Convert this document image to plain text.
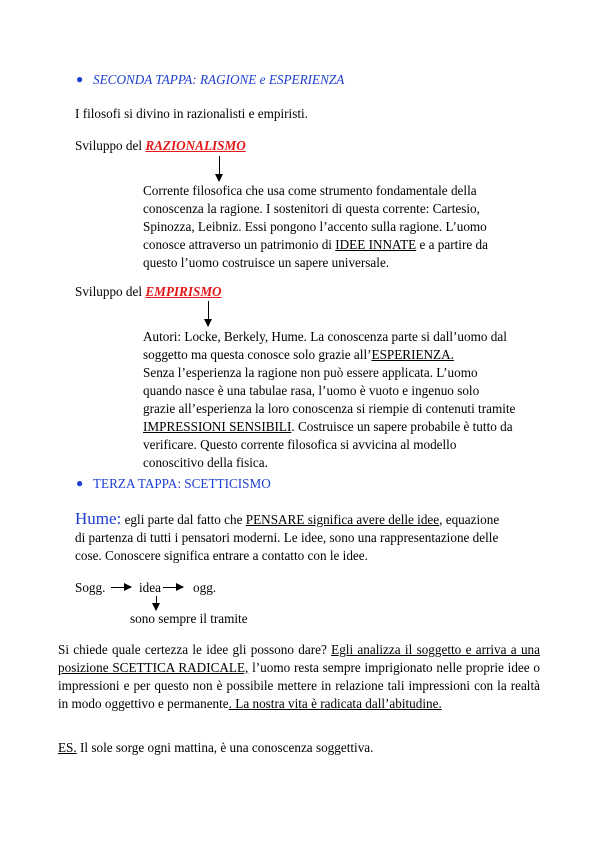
● SECONDA TAPPA: RAGIONE e ESPERIENZA
I filosofi si divino in razionalisti e empiristi.
Sviluppo del RAZIONALISMO
Corrente filosofica che usa come strumento fondamentale della
conoscenza la ragione. I sostenitori di questa corrente: Cartesio,
Spinozza, Leibniz. Essi pongono l’accento sulla ragione. L’uomo
conosce attraverso un patrimonio di IDEE INNATE e a partire da
questo l’uomo costruisce un sapere universale.
Sviluppo del EMPIRISMO
Autori: Locke, Berkely, Hume. La conoscenza parte si dall’uomo dal
soggetto ma questa conosce solo grazie all’ESPERIENZA.
Senza l’esperienza la ragione non può essere applicata. L’uomo
quando nasce è una tabulae rasa, l’uomo è vuoto e ingenuo solo
grazie all’esperienza la loro conoscenza si riempie di contenuti tramite
IMPRESSIONI SENSIBILI. Costruisce un sapere probabile è tutto da
verificare. Questo corrente filosofica si avvicina al modello
conoscitivo della fisica.
● TERZA TAPPA: SCETTICISMO
Hume: egli parte dal fatto che PENSARE significa avere delle idee, equazione
di partenza di tutti i pensatori moderni. Le idee, sono una rappresentazione delle
cose. Conoscere significa entrare a contatto con le idee.
Sogg.	idea ogg.
sono sempre il tramite
Si chiede quale certezza le idee gli possono dare? Egli analizza il soggetto e arriva a una posizione SCETTICA RADICALE, l’uomo resta sempre imprigionato nelle proprie idee o impressioni e per questo non è possibile mettere in relazione tali impressioni con la realtà in modo oggettivo e permanente. La nostra vita è radicata dall’abitudine.
ES. Il sole sorge ogni mattina, è una conoscenza soggettiva.
